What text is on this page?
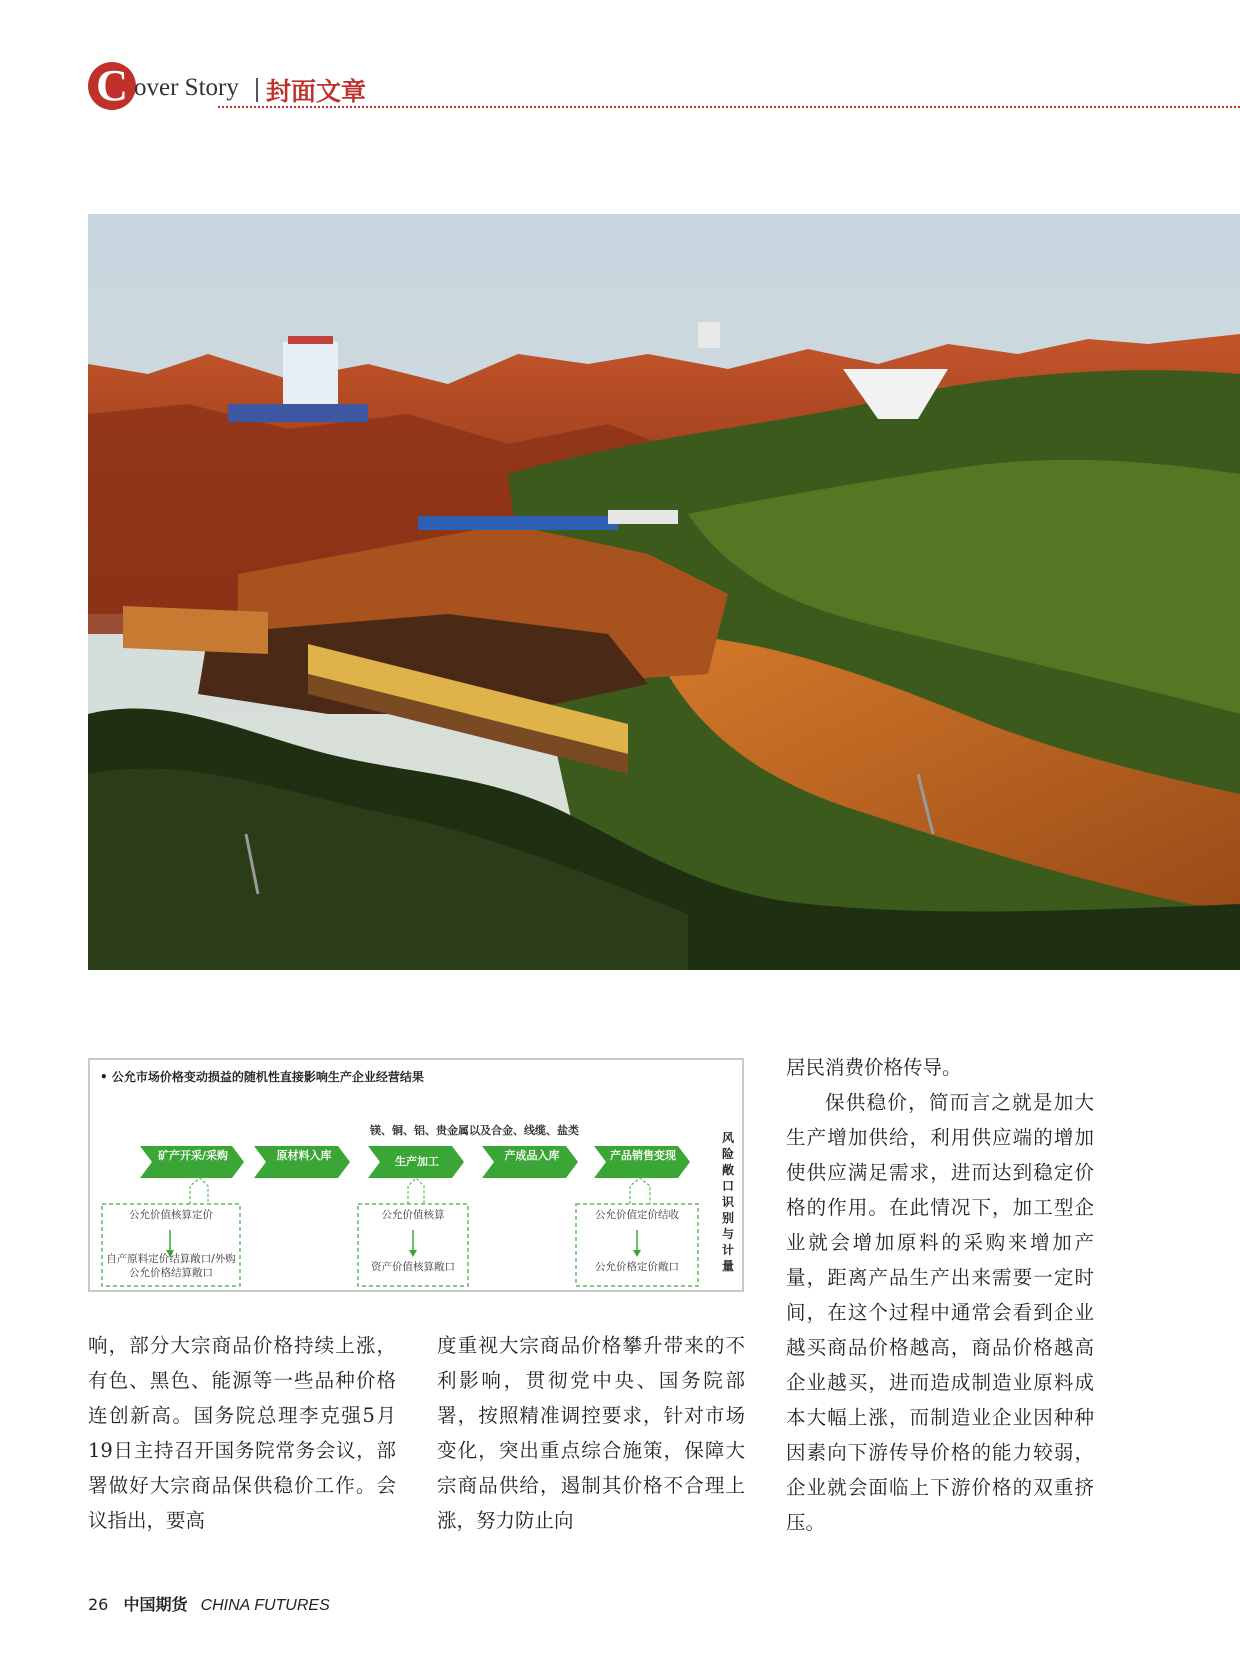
C over Story 封面文章
• 公允市场价格变动损益的随机性直接影响生产企业经营结果
镁、铜、铝、贵金属以及合金、线缆、盐类
矿产开采/采购	原材料入库	生产加工	产成品入库	产品销售变现
公允价值核算定价
自产原料定价结算敞口/外购公允价格结算敞口
公允价值核算
资产价值核算敞口
公允价值定价结收
公允价格定价敞口
风险敞口识别与计量

响，部分大宗商品价格持续上涨，有色、黑色、能源等一些品种价格连创新高。国务院总理李克强5月19日主持召开国务院常务会议，部署做好大宗商品保供稳价工作。会议指出，要高

度重视大宗商品价格攀升带来的不利影响，贯彻党中央、国务院部署，按照精准调控要求，针对市场变化，突出重点综合施策，保障大宗商品供给，遏制其价格不合理上涨，努力防止向

居民消费价格传导。

保供稳价，简而言之就是加大生产增加供给，利用供应端的增加使供应满足需求，进而达到稳定价格的作用。在此情况下，加工型企业就会增加原料的采购来增加产量，距离产品生产出来需要一定时间，在这个过程中通常会看到企业越买商品价格越高，商品价格越高企业越买，进而造成制造业原料成本大幅上涨，而制造业企业因种种因素向下游传导价格的能力较弱，企业就会面临上下游价格的双重挤压。

26 中国期货 CHINA FUTURES
